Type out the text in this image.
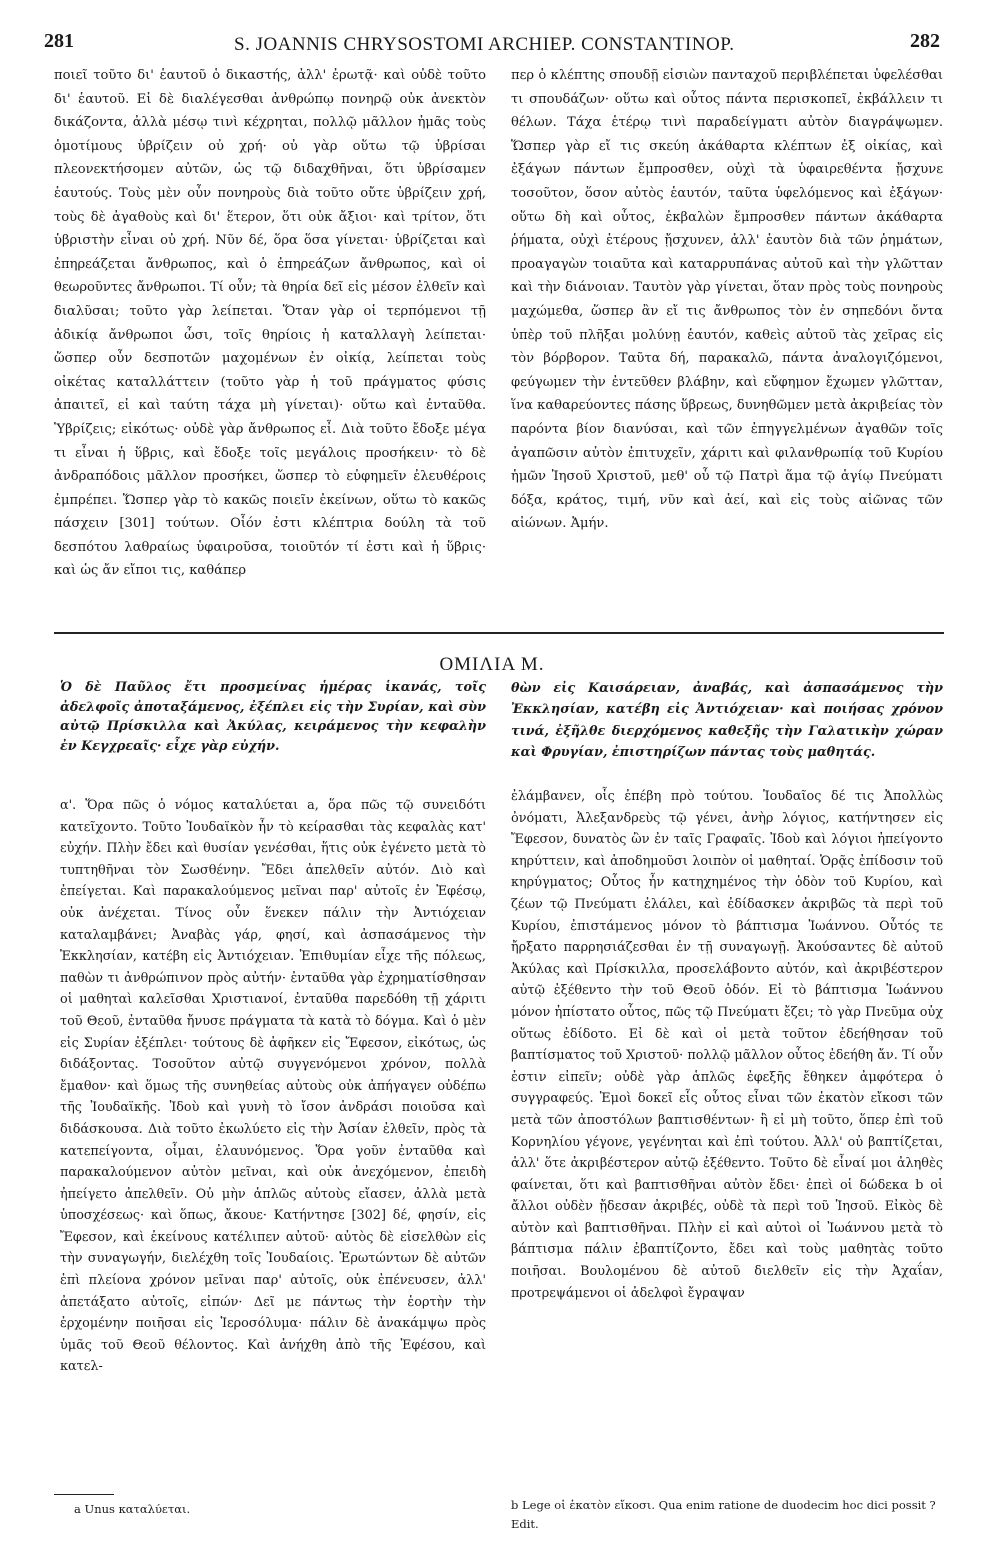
281	S. JOANNIS CHRYSOSTOMI ARCHIEP. CONSTANTINOP.	282

ποιεῖ τοῦτο δι' ἑαυτοῦ ὁ δικαστής, ἀλλ' ἐρωτᾷ· καὶ οὐδὲ τοῦτο δι' ἑαυτοῦ. Εἰ δὲ διαλέγεσθαι ἀνθρώπῳ πονηρῷ οὐκ ἀνεκτὸν δικάζοντα, ἀλλὰ μέσῳ τινὶ κέχρηται, πολλῷ μᾶλλον ἡμᾶς τοὺς ὁμοτίμους ὑβρίζειν οὐ χρή· οὐ γὰρ οὕτω τῷ ὑβρίσαι πλεονεκτήσομεν αὐτῶν, ὡς τῷ διδαχθῆναι, ὅτι ὑβρίσαμεν ἑαυτούς. Τοὺς μὲν οὖν πονηροὺς διὰ τοῦτο οὔτε ὑβρίζειν χρή, τοὺς δὲ ἀγαθοὺς καὶ δι' ἕτερον, ὅτι οὐκ ἄξιοι· καὶ τρίτον, ὅτι ὑβριστὴν εἶναι οὐ χρή. Νῦν δέ, ὅρα ὅσα γίνεται· ὑβρίζεται καὶ ἐπηρεάζεται ἄνθρωπος, καὶ ὁ ἐπηρεάζων ἄνθρωπος, καὶ οἱ θεωροῦντες ἄνθρωποι. Τί οὖν; τὰ θηρία δεῖ εἰς μέσον ἐλθεῖν καὶ διαλῦσαι; τοῦτο γὰρ λείπεται. Ὅταν γὰρ οἱ τερπόμενοι τῇ ἀδικίᾳ ἄνθρωποι ὦσι, τοῖς θηρίοις ἡ καταλλαγὴ λείπεται· ὥσπερ οὖν δεσποτῶν μαχομένων ἐν οἰκίᾳ, λείπεται τοὺς οἰκέτας καταλλάττειν (τοῦτο γὰρ ἡ τοῦ πράγματος φύσις ἀπαιτεῖ, εἰ καὶ ταύτη τάχα μὴ γίνεται)· οὕτω καὶ ἐνταῦθα. Ὑβρίζεις; εἰκότως· οὐδὲ γὰρ ἄνθρωπος εἶ. Διὰ τοῦτο ἔδοξε μέγα τι εἶναι ἡ ὕβρις, καὶ ἔδοξε τοῖς μεγάλοις προσήκειν· τὸ δὲ ἀνδραπόδοις μᾶλλον προσήκει, ὥσπερ τὸ εὐφημεῖν ἐλευθέροις ἐμπρέπει. Ὥσπερ γὰρ τὸ κακῶς ποιεῖν ἐκείνων, οὕτω τὸ κακῶς πάσχειν [301] τούτων. Οἷόν ἐστι κλέπτρια δούλη τὰ τοῦ δεσπότου λαθραίως ὑφαιροῦσα, τοιοῦτόν τί ἐστι καὶ ἡ ὕβρις· καὶ ὡς ἄν εἴποι τις, καθάπερ

περ ὁ κλέπτης σπουδῇ εἰσιὼν πανταχοῦ περιβλέπεται ὑφελέσθαι τι σπουδάζων· οὕτω καὶ οὗτος πάντα περισκοπεῖ, ἐκβάλλειν τι θέλων. Τάχα ἑτέρῳ τινὶ παραδείγματι αὐτὸν διαγράψωμεν. Ὥσπερ γὰρ εἴ τις σκεύη ἀκάθαρτα κλέπτων ἐξ οἰκίας, καὶ ἐξάγων πάντων ἔμπροσθεν, οὐχὶ τὰ ὑφαιρεθέντα ᾔσχυνε τοσοῦτον, ὅσον αὐτὸς ἑαυτόν, ταῦτα ὑφελόμενος καὶ ἐξάγων· οὕτω δὴ καὶ οὗτος, ἐκβαλὼν ἔμπροσθεν πάντων ἀκάθαρτα ῥήματα, οὐχὶ ἑτέρους ᾔσχυνεν, ἀλλ' ἑαυτὸν διὰ τῶν ῥημάτων, προαγαγὼν τοιαῦτα καὶ καταρρυπάνας αὐτοῦ καὶ τὴν γλῶτταν καὶ τὴν διάνοιαν. Ταυτὸν γὰρ γίνεται, ὅταν πρὸς τοὺς πονηροὺς μαχώμεθα, ὥσπερ ἂν εἴ τις ἄνθρωπος τὸν ἐν σηπεδόνι ὄντα ὑπὲρ τοῦ πλῆξαι μολύνῃ ἑαυτόν, καθεὶς αὐτοῦ τὰς χεῖρας εἰς τὸν βόρβορον. Ταῦτα δή, παρακαλῶ, πάντα ἀναλογιζόμενοι, φεύγωμεν τὴν ἐντεῦθεν βλάβην, καὶ εὔφημον ἔχωμεν γλῶτταν, ἵνα καθαρεύοντες πάσης ὕβρεως, δυνηθῶμεν μετὰ ἀκριβείας τὸν παρόντα βίον διανύσαι, καὶ τῶν ἐπηγγελμένων ἀγαθῶν τοῖς ἀγαπῶσιν αὐτὸν ἐπιτυχεῖν, χάριτι καὶ φιλανθρωπίᾳ τοῦ Κυρίου ἡμῶν Ἰησοῦ Χριστοῦ, μεθ' οὗ τῷ Πατρὶ ἅμα τῷ ἁγίῳ Πνεύματι δόξα, κράτος, τιμή, νῦν καὶ ἀεί, καὶ εἰς τοὺς αἰῶνας τῶν αἰώνων. Ἀμήν.

ΟΜΙΛΙΑ Μ.

Ὁ δὲ Παῦλος ἔτι προσμείνας ἡμέρας ἱκανάς, τοῖς ἀδελφοῖς ἀποταξάμενος, ἐξέπλει εἰς τὴν Συρίαν, καὶ σὺν αὐτῷ Πρίσκιλλα καὶ Ἀκύλας, κειράμενος τὴν κεφαλὴν ἐν Κεγχρεαῖς· εἶχε γὰρ εὐχήν.

θὼν εἰς Καισάρειαν, ἀναβάς, καὶ ἀσπασάμενος τὴν Ἐκκλησίαν, κατέβη εἰς Ἀντιόχειαν· καὶ ποιήσας χρόνον τινά, ἐξῆλθε διερχόμενος καθεξῆς τὴν Γαλατικὴν χώραν καὶ Φρυγίαν, ἐπιστηρίζων πάντας τοὺς μαθητάς.

α'. Ὅρα πῶς ὁ νόμος καταλύεται a, ὅρα πῶς τῷ συνειδότι κατεῖχοντο. Τοῦτο Ἰουδαϊκὸν ἦν τὸ κείρασθαι τὰς κεφαλὰς κατ' εὐχήν. Πλὴν ἔδει καὶ θυσίαν γενέσθαι, ἥτις οὐκ ἐγένετο μετὰ τὸ τυπτηθῆναι τὸν Σωσθένην. Ἔδει ἀπελθεῖν αὐτόν. Διὸ καὶ ἐπείγεται. Καὶ παρακαλούμενος μεῖναι παρ' αὐτοῖς ἐν Ἐφέσῳ, οὐκ ἀνέχεται. Τίνος οὖν ἕνεκεν πάλιν τὴν Ἀντιόχειαν καταλαμβάνει; Ἀναβὰς γάρ, φησί, καὶ ἀσπασάμενος τὴν Ἐκκλησίαν, κατέβη εἰς Ἀντιόχειαν. Ἐπιθυμίαν εἶχε τῆς πόλεως, παθὼν τι ἀνθρώπινον πρὸς αὐτήν· ἐνταῦθα γὰρ ἐχρηματίσθησαν οἱ μαθηταὶ καλεῖσθαι Χριστιανοί, ἐνταῦθα παρεδόθη τῇ χάριτι τοῦ Θεοῦ, ἐνταῦθα ἤνυσε πράγματα τὰ κατὰ τὸ δόγμα. Καὶ ὁ μὲν εἰς Συρίαν ἐξέπλει· τούτους δὲ ἀφῆκεν εἰς Ἔφεσον, εἰκότως, ὡς διδάξοντας. Τοσοῦτον αὐτῷ συγγενόμενοι χρόνον, πολλὰ ἔμαθον· καὶ ὅμως τῆς συνηθείας αὐτοὺς οὐκ ἀπήγαγεν οὐδέπω τῆς Ἰουδαϊκῆς. Ἰδοὺ καὶ γυνὴ τὸ ἴσον ἀνδράσι ποιοῦσα καὶ διδάσκουσα. Διὰ τοῦτο ἐκωλύετο εἰς τὴν Ἀσίαν ἐλθεῖν, πρὸς τὰ κατεπείγοντα, οἶμαι, ἐλαυνόμενος. Ὅρα γοῦν ἐνταῦθα καὶ παρακαλούμενον αὐτὸν μεῖναι, καὶ οὐκ ἀνεχόμενον, ἐπειδὴ ἠπείγετο ἀπελθεῖν. Οὐ μὴν ἁπλῶς αὐτοὺς εἴασεν, ἀλλὰ μετὰ ὑποσχέσεως· καὶ ὅπως, ἄκουε· Κατήντησε [302] δέ, φησίν, εἰς Ἔφεσον, καὶ ἐκείνους κατέλιπεν αὐτοῦ· αὐτὸς δὲ εἰσελθὼν εἰς τὴν συναγωγήν, διελέχθη τοῖς Ἰουδαίοις. Ἐρωτώντων δὲ αὐτῶν ἐπὶ πλείονα χρόνον μεῖναι παρ' αὐτοῖς, οὐκ ἐπένευσεν, ἀλλ' ἀπετάξατο αὐτοῖς, εἰπών· Δεῖ με πάντως τὴν ἑορτὴν τὴν ἐρχομένην ποιῆσαι εἰς Ἱεροσόλυμα· πάλιν δὲ ἀνακάμψω πρὸς ὑμᾶς τοῦ Θεοῦ θέλοντος. Καὶ ἀνήχθη ἀπὸ τῆς Ἐφέσου, καὶ κατελ-

ἐλάμβανεν, οἷς ἐπέβη πρὸ τούτου. Ἰουδαῖος δέ τις Ἀπολλὼς ὀνόματι, Ἀλεξανδρεὺς τῷ γένει, ἀνὴρ λόγιος, κατήντησεν εἰς Ἔφεσον, δυνατὸς ὢν ἐν ταῖς Γραφαῖς. Ἰδοὺ καὶ λόγιοι ἠπείγοντο κηρύττειν, καὶ ἀποδημοῦσι λοιπὸν οἱ μαθηταί. Ὁρᾷς ἐπίδοσιν τοῦ κηρύγματος; Οὗτος ἦν κατηχημένος τὴν ὁδὸν τοῦ Κυρίου, καὶ ζέων τῷ Πνεύματι ἐλάλει, καὶ ἐδίδασκεν ἀκριβῶς τὰ περὶ τοῦ Κυρίου, ἐπιστάμενος μόνον τὸ βάπτισμα Ἰωάννου. Οὗτός τε ἤρξατο παρρησιάζεσθαι ἐν τῇ συναγωγῇ. Ἀκούσαντες δὲ αὐτοῦ Ἀκύλας καὶ Πρίσκιλλα, προσελάβοντο αὐτόν, καὶ ἀκριβέστερον αὐτῷ ἐξέθεντο τὴν τοῦ Θεοῦ ὁδόν. Εἰ τὸ βάπτισμα Ἰωάννου μόνον ἠπίστατο οὗτος, πῶς τῷ Πνεύματι ἔζει; τὸ γὰρ Πνεῦμα οὐχ οὕτως ἐδίδοτο. Εἰ δὲ καὶ οἱ μετὰ τοῦτον ἐδεήθησαν τοῦ βαπτίσματος τοῦ Χριστοῦ· πολλῷ μᾶλλον οὗτος ἐδεήθη ἄν. Τί οὖν ἐστιν εἰπεῖν; οὐδὲ γὰρ ἁπλῶς ἐφεξῆς ἔθηκεν ἀμφότερα ὁ συγγραφεύς. Ἐμοὶ δοκεῖ εἷς οὗτος εἶναι τῶν ἑκατὸν εἴκοσι τῶν μετὰ τῶν ἀποστόλων βαπτισθέντων· ἢ εἰ μὴ τοῦτο, ὅπερ ἐπὶ τοῦ Κορνηλίου γέγονε, γεγένηται καὶ ἐπὶ τούτου. Ἀλλ' οὐ βαπτίζεται, ἀλλ' ὅτε ἀκριβέστερον αὐτῷ ἐξέθεντο. Τοῦτο δὲ εἶναί μοι ἀληθὲς φαίνεται, ὅτι καὶ βαπτισθῆναι αὐτὸν ἔδει· ἐπεὶ οἱ δώδεκα b οἱ ἄλλοι οὐδὲν ᾔδεσαν ἀκριβές, οὐδὲ τὰ περὶ τοῦ Ἰησοῦ. Εἰκὸς δὲ αὐτὸν καὶ βαπτισθῆναι. Πλὴν εἰ καὶ αὐτοὶ οἱ Ἰωάννου μετὰ τὸ βάπτισμα πάλιν ἐβαπτίζοντο, ἔδει καὶ τοὺς μαθητὰς τοῦτο ποιῆσαι. Βουλομένου δὲ αὐτοῦ διελθεῖν εἰς τὴν Ἀχαΐαν, προτρεψάμενοι οἱ ἀδελφοὶ ἔγραψαν

a Unus καταλύεται.	b Lege οἱ ἑκατὸν εἴκοσι. Qua enim ratione de duodecim hoc dici possit ? Edit.
